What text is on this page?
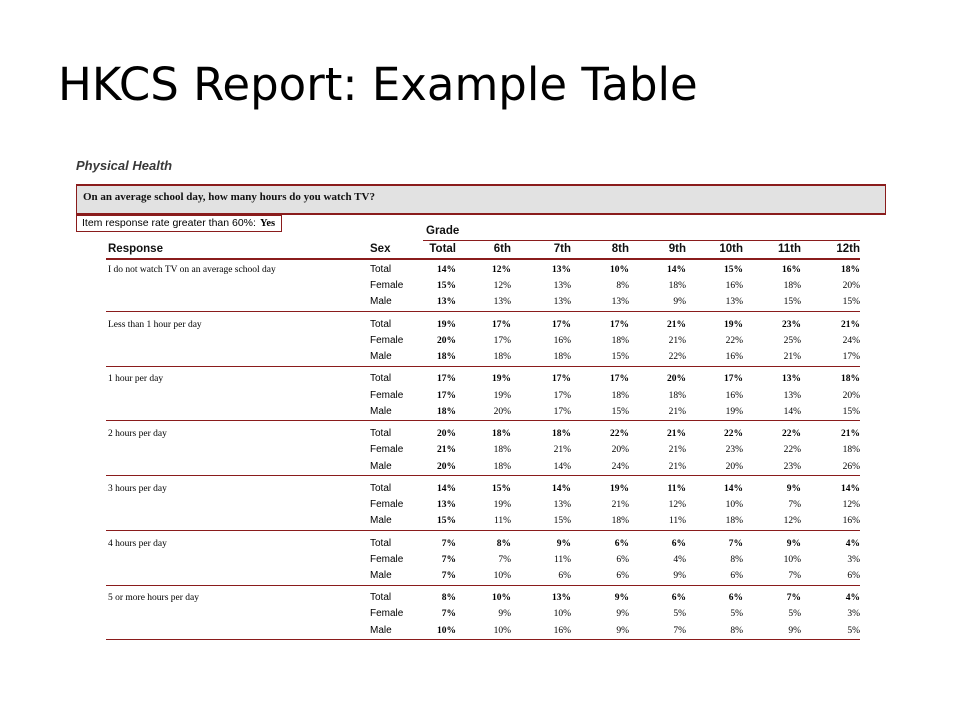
HKCS Report: Example Table
Physical Health
On an average school day, how many hours do you watch TV?
Item response rate greater than 60%: Yes
Grade
Response	Sex	Total	6th	7th	8th	9th	10th	11th	12th
I do not watch TV on an average school day	Total	14%	12%	13%	10%	14%	15%	16%	18%
Female	15%	12%	13%	8%	18%	16%	18%	20%
Male	13%	13%	13%	13%	9%	13%	15%	15%
Less than 1 hour per day	Total	19%	17%	17%	17%	21%	19%	23%	21%
Female	20%	17%	16%	18%	21%	22%	25%	24%
Male	18%	18%	18%	15%	22%	16%	21%	17%
1 hour per day	Total	17%	19%	17%	17%	20%	17%	13%	18%
Female	17%	19%	17%	18%	18%	16%	13%	20%
Male	18%	20%	17%	15%	21%	19%	14%	15%
2 hours per day	Total	20%	18%	18%	22%	21%	22%	22%	21%
Female	21%	18%	21%	20%	21%	23%	22%	18%
Male	20%	18%	14%	24%	21%	20%	23%	26%
3 hours per day	Total	14%	15%	14%	19%	11%	14%	9%	14%
Female	13%	19%	13%	21%	12%	10%	7%	12%
Male	15%	11%	15%	18%	11%	18%	12%	16%
4 hours per day	Total	7%	8%	9%	6%	6%	7%	9%	4%
Female	7%	7%	11%	6%	4%	8%	10%	3%
Male	7%	10%	6%	6%	9%	6%	7%	6%
5 or more hours per day	Total	8%	10%	13%	9%	6%	6%	7%	4%
Female	7%	9%	10%	9%	5%	5%	5%	3%
Male	10%	10%	16%	9%	7%	8%	9%	5%
